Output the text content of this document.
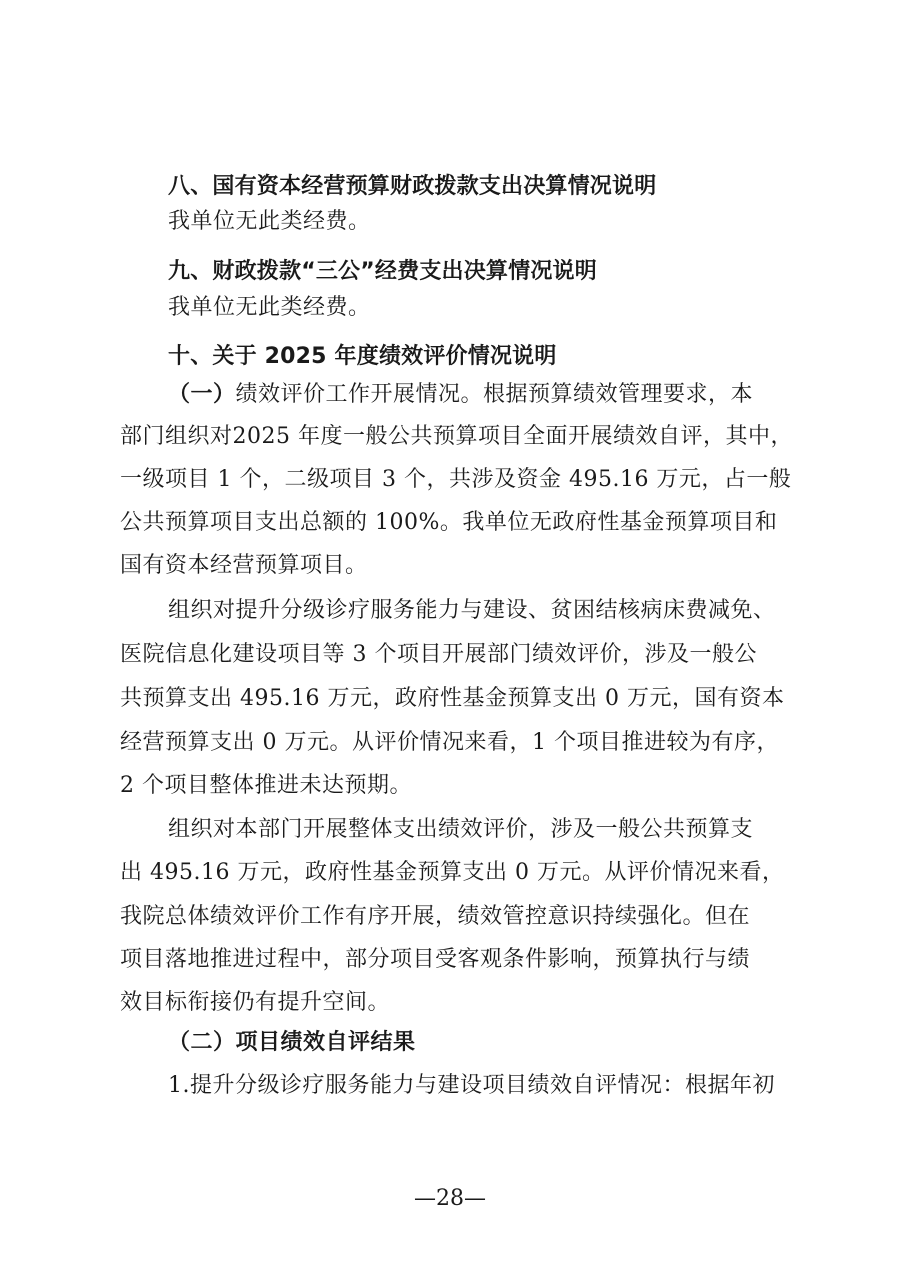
八、国有资本经营预算财政拨款支出决算情况说明
我单位无此类经费。
九、财政拨款“三公”经费支出决算情况说明
我单位无此类经费。
十、关于 2025 年度绩效评价情况说明
（一）绩效评价工作开展情况。根据预算绩效管理要求，本
部门组织对2025 年度一般公共预算项目全面开展绩效自评，其中，
一级项目 1 个，二级项目 3 个，共涉及资金 495.16 万元，占一般
公共预算项目支出总额的 100%。我单位无政府性基金预算项目和
国有资本经营预算项目。
组织对提升分级诊疗服务能力与建设、贫困结核病床费减免、
医院信息化建设项目等 3 个项目开展部门绩效评价，涉及一般公
共预算支出 495.16 万元，政府性基金预算支出 0 万元，国有资本
经营预算支出 0 万元。从评价情况来看，1 个项目推进较为有序，
2 个项目整体推进未达预期。
组织对本部门开展整体支出绩效评价，涉及一般公共预算支
出 495.16 万元，政府性基金预算支出 0 万元。从评价情况来看，
我院总体绩效评价工作有序开展，绩效管控意识持续强化。但在
项目落地推进过程中，部分项目受客观条件影响，预算执行与绩
效目标衔接仍有提升空间。
（二）项目绩效自评结果
1.提升分级诊疗服务能力与建设项目绩效自评情况：根据年初
—28—
